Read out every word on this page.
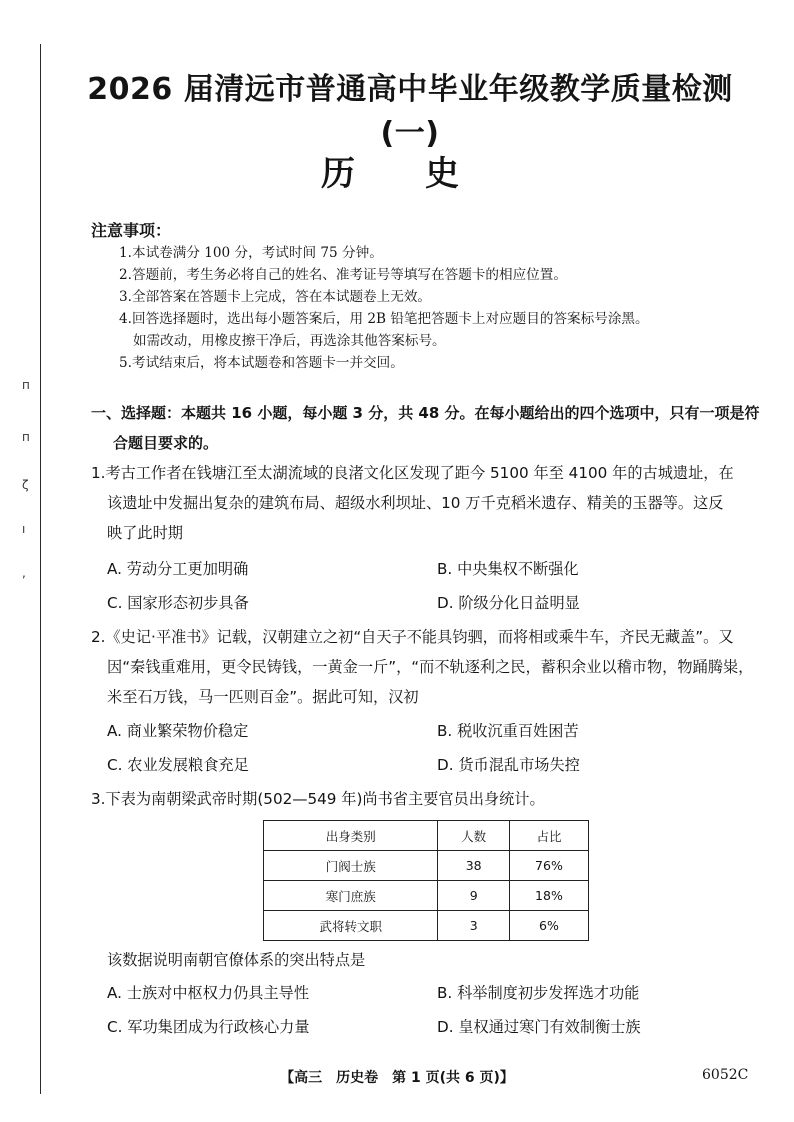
п
п
ζ
ı
,
2026 届清远市普通高中毕业年级教学质量检测(一)
历史
注意事项：
1.本试卷满分 100 分，考试时间 75 分钟。
2.答题前，考生务必将自己的姓名、准考证号等填写在答题卡的相应位置。
3.全部答案在答题卡上完成，答在本试题卷上无效。
4.回答选择题时，选出每小题答案后，用 2B 铅笔把答题卡上对应题目的答案标号涂黑。
如需改动，用橡皮擦干净后，再选涂其他答案标号。
5.考试结束后，将本试题卷和答题卡一并交回。
一、选择题：本题共 16 小题，每小题 3 分，共 48 分。在每小题给出的四个选项中，只有一项是符
合题目要求的。
1.考古工作者在钱塘江至太湖流域的良渚文化区发现了距今 5100 年至 4100 年的古城遗址，在
该遗址中发掘出复杂的建筑布局、超级水利坝址、10 万千克稻米遗存、精美的玉器等。这反
映了此时期
A. 劳动分工更加明确	B. 中央集权不断强化
C. 国家形态初步具备	D. 阶级分化日益明显
2.《史记·平准书》记载，汉朝建立之初“自天子不能具钧驷，而将相或乘牛车，齐民无藏盖”。又
因“秦钱重难用，更令民铸钱，一黄金一斤”，“而不轨逐利之民，蓄积余业以稽市物，物踊腾粜，
米至石万钱，马一匹则百金”。据此可知，汉初
A. 商业繁荣物价稳定	B. 税收沉重百姓困苦
C. 农业发展粮食充足	D. 货币混乱市场失控
3.下表为南朝梁武帝时期(502—549 年)尚书省主要官员出身统计。
出身类别	人数	占比
门阀士族	38	76%
寒门庶族	9	18%
武将转文职	3	6%
该数据说明南朝官僚体系的突出特点是
A. 士族对中枢权力仍具主导性	B. 科举制度初步发挥选才功能
C. 军功集团成为行政核心力量	D. 皇权通过寒门有效制衡士族
【高三　历史卷　第 1 页(共 6 页)】	6052C
